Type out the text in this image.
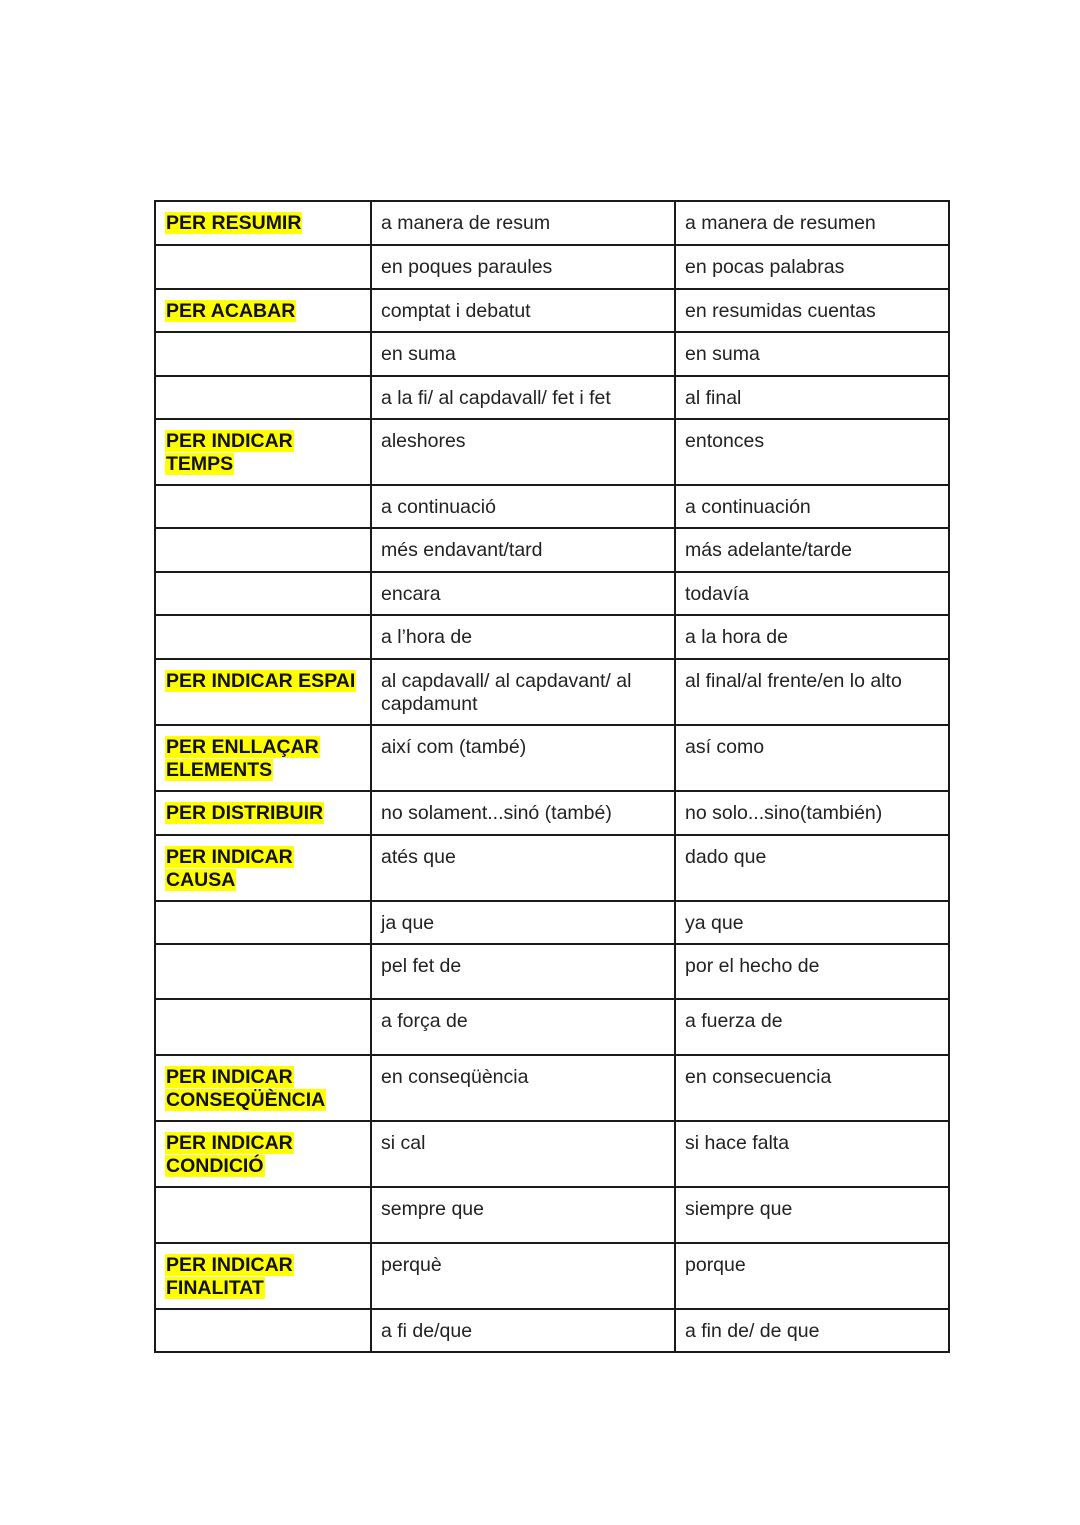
PER RESUMIR	a manera de resum	a manera de resumen
	en poques paraules	en pocas palabras
PER ACABAR	comptat i debatut	en resumidas cuentas
	en suma	en suma
	a la fi/ al capdavall/ fet i fet	al final
PER INDICAR TEMPS	aleshores	entonces
	a continuació	a continuación
	més endavant/tard	más adelante/tarde
	encara	todavía
	a l’hora de	a la hora de
PER INDICAR ESPAI	al capdavall/ al capdavant/ al capdamunt	al final/al frente/en lo alto
PER ENLLAÇAR ELEMENTS	així com (també)	así como
PER DISTRIBUIR	no solament...sinó (també)	no solo...sino(también)
PER INDICAR CAUSA	atés que	dado que
	ja que	ya que
	pel fet de	por el hecho de
	a força de	a fuerza de
PER INDICAR CONSEQÜÈNCIA	en conseqüència	en consecuencia
PER INDICAR CONDICIÓ	si cal	si hace falta
	sempre que	siempre que
PER INDICAR FINALITAT	perquè	porque
	a fi de/que	a fin de/ de que
